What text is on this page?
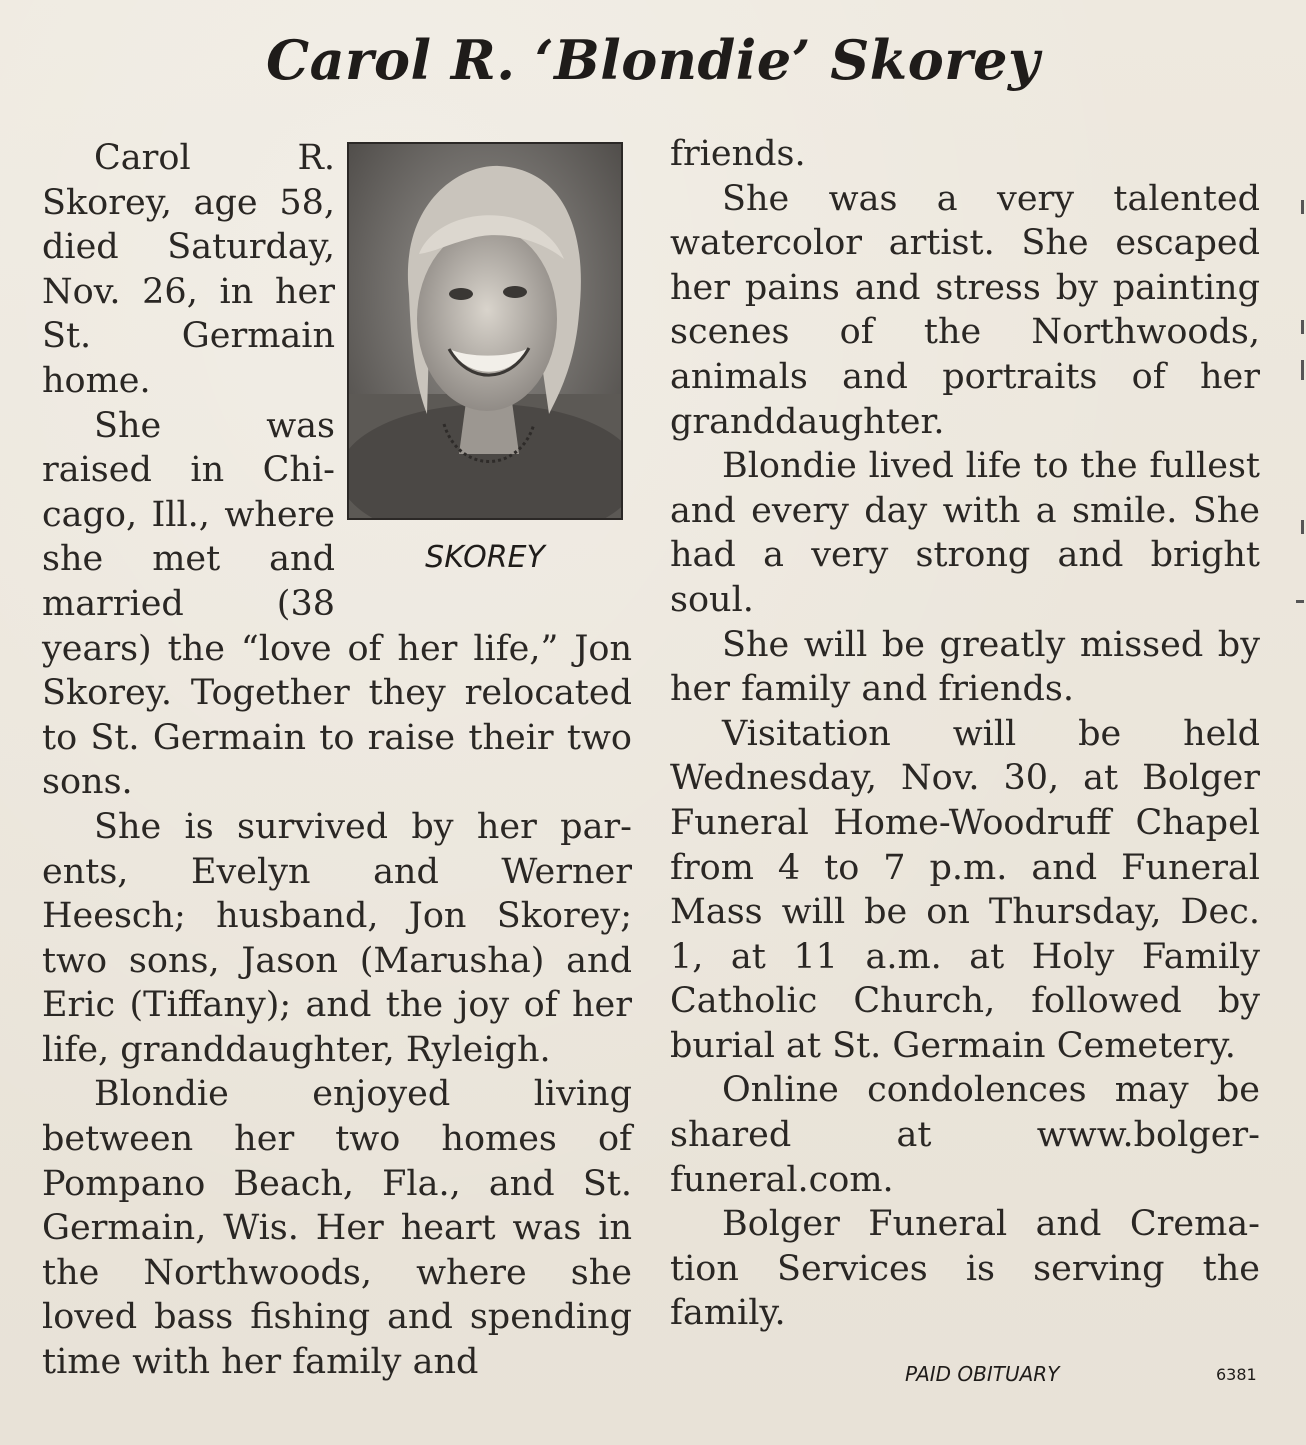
Carol R. ‘Blondie’ Skorey
SKOREY

Carol R. Skorey, age 58, died Saturday, Nov. 26, in her St. Germain home.

She was raised in Chicago, Ill., where she met and married (38 years) the “love of her life,” Jon Skorey. Together they relocated to St. Germain to raise their two sons.

She is survived by her parents, Evelyn and Werner Heesch; husband, Jon Skorey; two sons, Jason (Marusha) and Eric (Tiffany); and the joy of her life, granddaughter, Ryleigh.

Blondie enjoyed living between her two homes of Pompano Beach, Fla., and St. Germain, Wis. Her heart was in the Northwoods, where she loved bass fishing and spending time with her family and

friends.

She was a very talented watercolor artist. She escaped her pains and stress by painting scenes of the Northwoods, animals and portraits of her granddaughter.

Blondie lived life to the fullest and every day with a smile. She had a very strong and bright soul.

She will be greatly missed by her family and friends.

Visitation will be held Wednesday, Nov. 30, at Bolger Funeral Home-Woodruff Chapel from 4 to 7 p.m. and Funeral Mass will be on Thursday, Dec. 1, at 11 a.m. at Holy Family Catholic Church, followed by burial at St. Germain Cemetery.

Online condolences may be shared at www.bolgerfuneral.com.

Bolger Funeral and Cremation Services is serving the family.

PAID OBITUARY	6381
